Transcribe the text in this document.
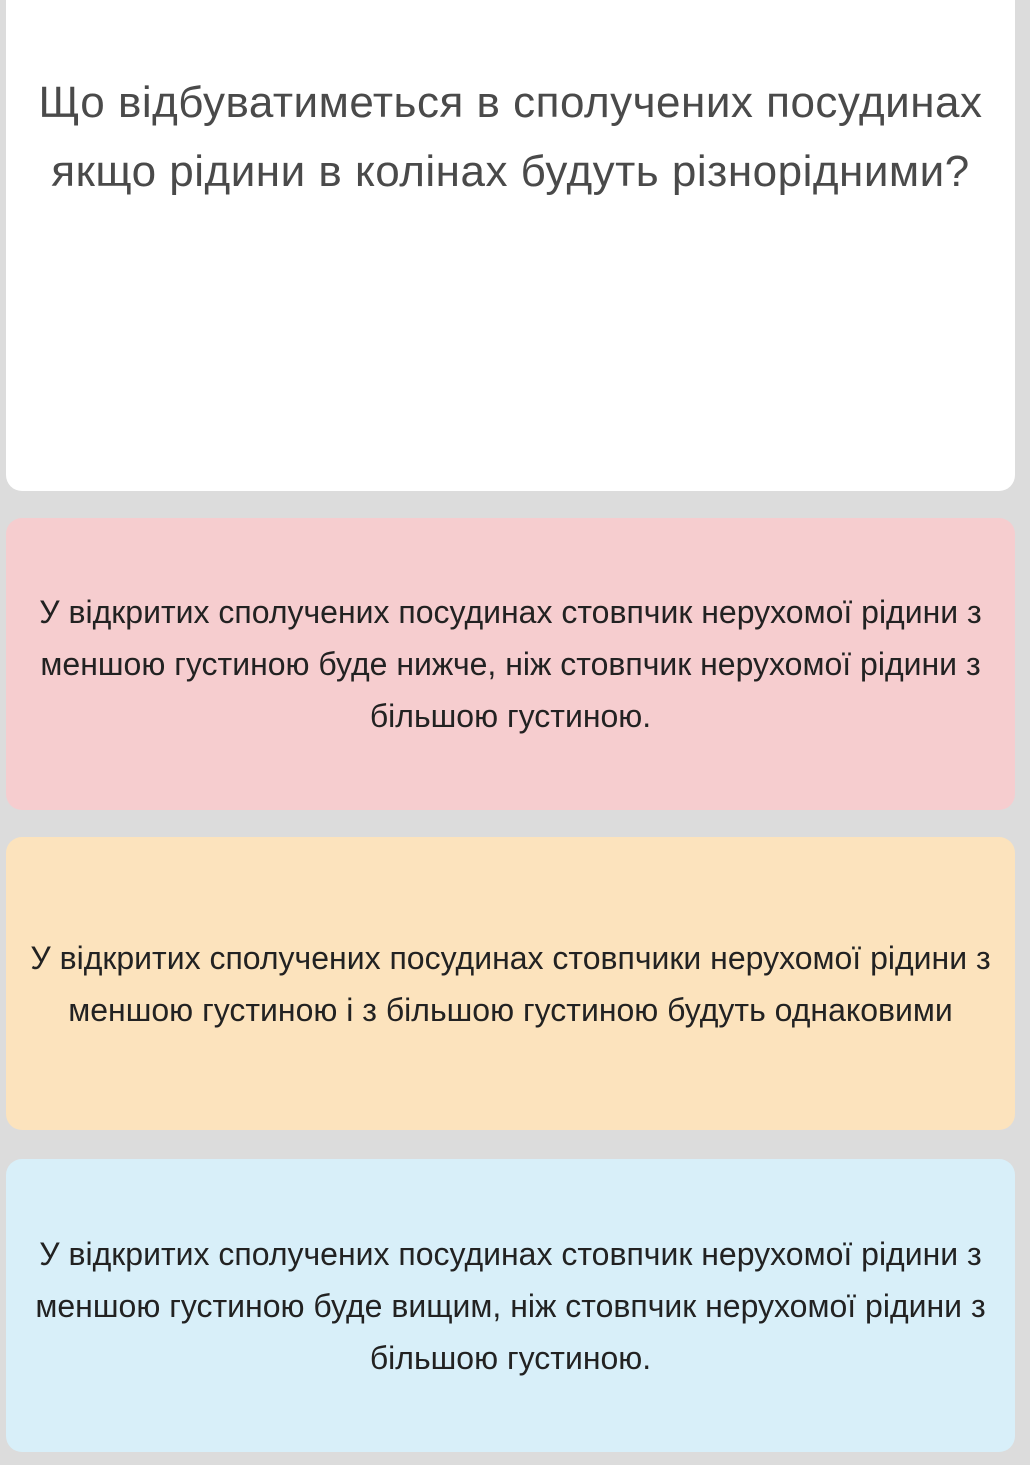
Що відбуватиметься в сполучених посудинах якщо рідини в колінах будуть різнорідними?
У відкритих сполучених посудинах стовпчик нерухомої рідини з меншою густиною буде нижче, ніж стовпчик нерухомої рідини з більшою густиною.
У відкритих сполучених посудинах стовпчики нерухомої рідини з меншою густиною і з більшою густиною будуть однаковими
У відкритих сполучених посудинах стовпчик нерухомої рідини з меншою густиною буде вищим, ніж стовпчик нерухомої рідини з більшою густиною.
